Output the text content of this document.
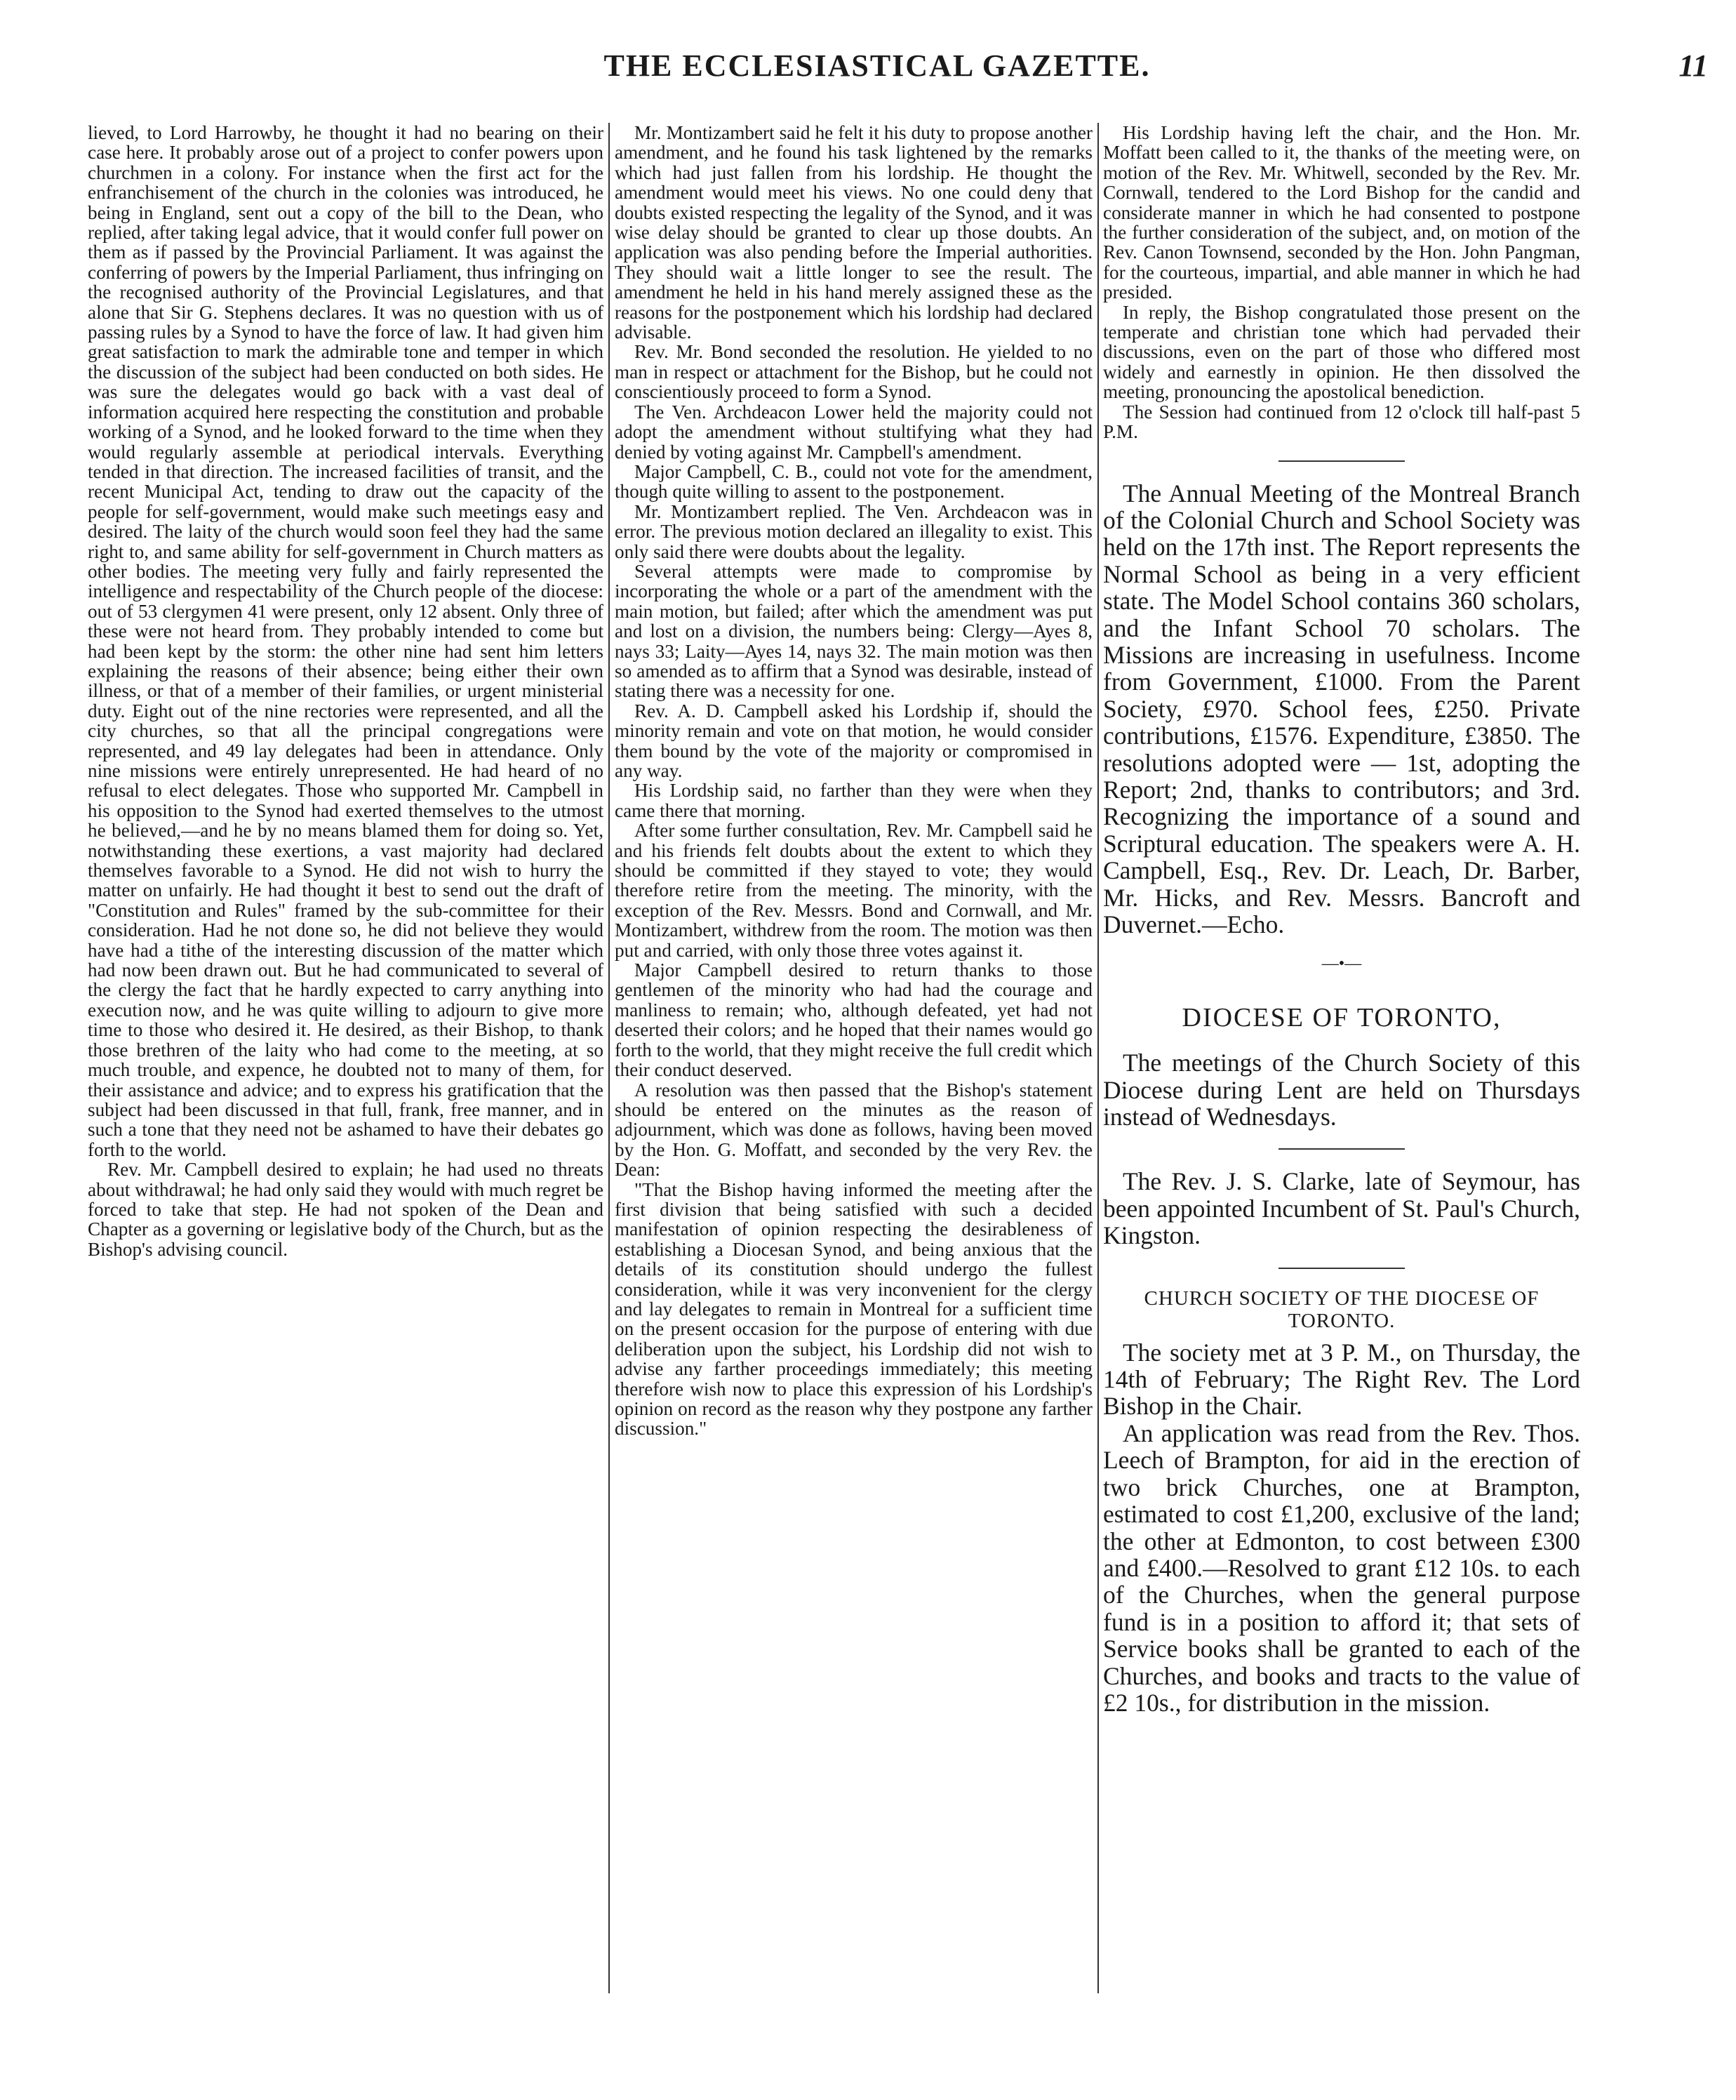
THE ECCLESIASTICAL GAZETTE.	11

lieved, to Lord Harrowby, he thought it had no bearing on their case here. It probably arose out of a project to confer powers upon churchmen in a colony. For instance when the first act for the enfranchisement of the church in the colonies was introduced, he being in England, sent out a copy of the bill to the Dean, who replied, after taking legal advice, that it would confer full power on them as if passed by the Provincial Parliament. It was against the conferring of powers by the Imperial Parliament, thus infringing on the recognised authority of the Provincial Legislatures, and that alone that Sir G. Stephens declares. It was no question with us of passing rules by a Synod to have the force of law. It had given him great satisfaction to mark the admirable tone and temper in which the discussion of the subject had been conducted on both sides. He was sure the delegates would go back with a vast deal of information acquired here respecting the constitution and probable working of a Synod, and he looked forward to the time when they would regularly assemble at periodical intervals. Everything tended in that direction. The increased facilities of transit, and the recent Municipal Act, tending to draw out the capacity of the people for self-government, would make such meetings easy and desired. The laity of the church would soon feel they had the same right to, and same ability for self-government in Church matters as other bodies. The meeting very fully and fairly represented the intelligence and respectability of the Church people of the diocese: out of 53 clergymen 41 were present, only 12 absent. Only three of these were not heard from. They probably intended to come but had been kept by the storm: the other nine had sent him letters explaining the reasons of their absence; being either their own illness, or that of a member of their families, or urgent ministerial duty. Eight out of the nine rectories were represented, and all the city churches, so that all the principal congregations were represented, and 49 lay delegates had been in attendance. Only nine missions were entirely unrepresented. He had heard of no refusal to elect delegates. Those who supported Mr. Campbell in his opposition to the Synod had exerted themselves to the utmost he believed,—and he by no means blamed them for doing so. Yet, notwithstanding these exertions, a vast majority had declared themselves favorable to a Synod. He did not wish to hurry the matter on unfairly. He had thought it best to send out the draft of "Constitution and Rules" framed by the sub-committee for their consideration. Had he not done so, he did not believe they would have had a tithe of the interesting discussion of the matter which had now been drawn out. But he had communicated to several of the clergy the fact that he hardly expected to carry anything into execution now, and he was quite willing to adjourn to give more time to those who desired it. He desired, as their Bishop, to thank those brethren of the laity who had come to the meeting, at so much trouble, and expence, he doubted not to many of them, for their assistance and advice; and to express his gratification that the subject had been discussed in that full, frank, free manner, and in such a tone that they need not be ashamed to have their debates go forth to the world.

Rev. Mr. Campbell desired to explain; he had used no threats about withdrawal; he had only said they would with much regret be forced to take that step. He had not spoken of the Dean and Chapter as a governing or legislative body of the Church, but as the Bishop's advising council.

Mr. Montizambert said he felt it his duty to propose another amendment, and he found his task lightened by the remarks which had just fallen from his lordship. He thought the amendment would meet his views. No one could deny that doubts existed respecting the legality of the Synod, and it was wise delay should be granted to clear up those doubts. An application was also pending before the Imperial authorities. They should wait a little longer to see the result. The amendment he held in his hand merely assigned these as the reasons for the postponement which his lordship had declared advisable.

Rev. Mr. Bond seconded the resolution. He yielded to no man in respect or attachment for the Bishop, but he could not conscientiously proceed to form a Synod.

The Ven. Archdeacon Lower held the majority could not adopt the amendment without stultifying what they had denied by voting against Mr. Campbell's amendment.

Major Campbell, C. B., could not vote for the amendment, though quite willing to assent to the postponement.

Mr. Montizambert replied. The Ven. Archdeacon was in error. The previous motion declared an illegality to exist. This only said there were doubts about the legality.

Several attempts were made to compromise by incorporating the whole or a part of the amendment with the main motion, but failed; after which the amendment was put and lost on a division, the numbers being: Clergy—Ayes 8, nays 33; Laity—Ayes 14, nays 32. The main motion was then so amended as to affirm that a Synod was desirable, instead of stating there was a necessity for one.

Rev. A. D. Campbell asked his Lordship if, should the minority remain and vote on that motion, he would consider them bound by the vote of the majority or compromised in any way.

His Lordship said, no farther than they were when they came there that morning.

After some further consultation, Rev. Mr. Campbell said he and his friends felt doubts about the extent to which they should be committed if they stayed to vote; they would therefore retire from the meeting. The minority, with the exception of the Rev. Messrs. Bond and Cornwall, and Mr. Montizambert, withdrew from the room. The motion was then put and carried, with only those three votes against it.

Major Campbell desired to return thanks to those gentlemen of the minority who had had the courage and manliness to remain; who, although defeated, yet had not deserted their colors; and he hoped that their names would go forth to the world, that they might receive the full credit which their conduct deserved.

A resolution was then passed that the Bishop's statement should be entered on the minutes as the reason of adjournment, which was done as follows, having been moved by the Hon. G. Moffatt, and seconded by the very Rev. the Dean:

"That the Bishop having informed the meeting after the first division that being satisfied with such a decided manifestation of opinion respecting the desirableness of establishing a Diocesan Synod, and being anxious that the details of its constitution should undergo the fullest consideration, while it was very inconvenient for the clergy and lay delegates to remain in Montreal for a sufficient time on the present occasion for the purpose of entering with due deliberation upon the subject, his Lordship did not wish to advise any farther proceedings immediately; this meeting therefore wish now to place this expression of his Lordship's opinion on record as the reason why they postpone any farther discussion."

His Lordship having left the chair, and the Hon. Mr. Moffatt been called to it, the thanks of the meeting were, on motion of the Rev. Mr. Whitwell, seconded by the Rev. Mr. Cornwall, tendered to the Lord Bishop for the candid and considerate manner in which he had consented to postpone the further consideration of the subject, and, on motion of the Rev. Canon Townsend, seconded by the Hon. John Pangman, for the courteous, impartial, and able manner in which he had presided.

In reply, the Bishop congratulated those present on the temperate and christian tone which had pervaded their discussions, even on the part of those who differed most widely and earnestly in opinion. He then dissolved the meeting, pronouncing the apostolical benediction.

The Session had continued from 12 o'clock till half-past 5 P.M.

The Annual Meeting of the Montreal Branch of the Colonial Church and School Society was held on the 17th inst. The Report represents the Normal School as being in a very efficient state. The Model School contains 360 scholars, and the Infant School 70 scholars. The Missions are increasing in usefulness. Income from Government, £1000. From the Parent Society, £970. School fees, £250. Private contributions, £1576. Expenditure, £3850. The resolutions adopted were — 1st, adopting the Report; 2nd, thanks to contributors; and 3rd. Recognizing the importance of a sound and Scriptural education. The speakers were A. H. Campbell, Esq., Rev. Dr. Leach, Dr. Barber, Mr. Hicks, and Rev. Messrs. Bancroft and Duvernet.—Echo.

—•—
DIOCESE OF TORONTO,

The meetings of the Church Society of this Diocese during Lent are held on Thursdays instead of Wednesdays.

The Rev. J. S. Clarke, late of Seymour, has been appointed Incumbent of St. Paul's Church, Kingston.

CHURCH SOCIETY OF THE DIOCESE OF TORONTO.

The society met at 3 P. M., on Thursday, the 14th of February; The Right Rev. The Lord Bishop in the Chair.

An application was read from the Rev. Thos. Leech of Brampton, for aid in the erection of two brick Churches, one at Brampton, estimated to cost £1,200, exclusive of the land; the other at Edmonton, to cost between £300 and £400.—Resolved to grant £12 10s. to each of the Churches, when the general purpose fund is in a position to afford it; that sets of Service books shall be granted to each of the Churches, and books and tracts to the value of £2 10s., for distribution in the mission.
